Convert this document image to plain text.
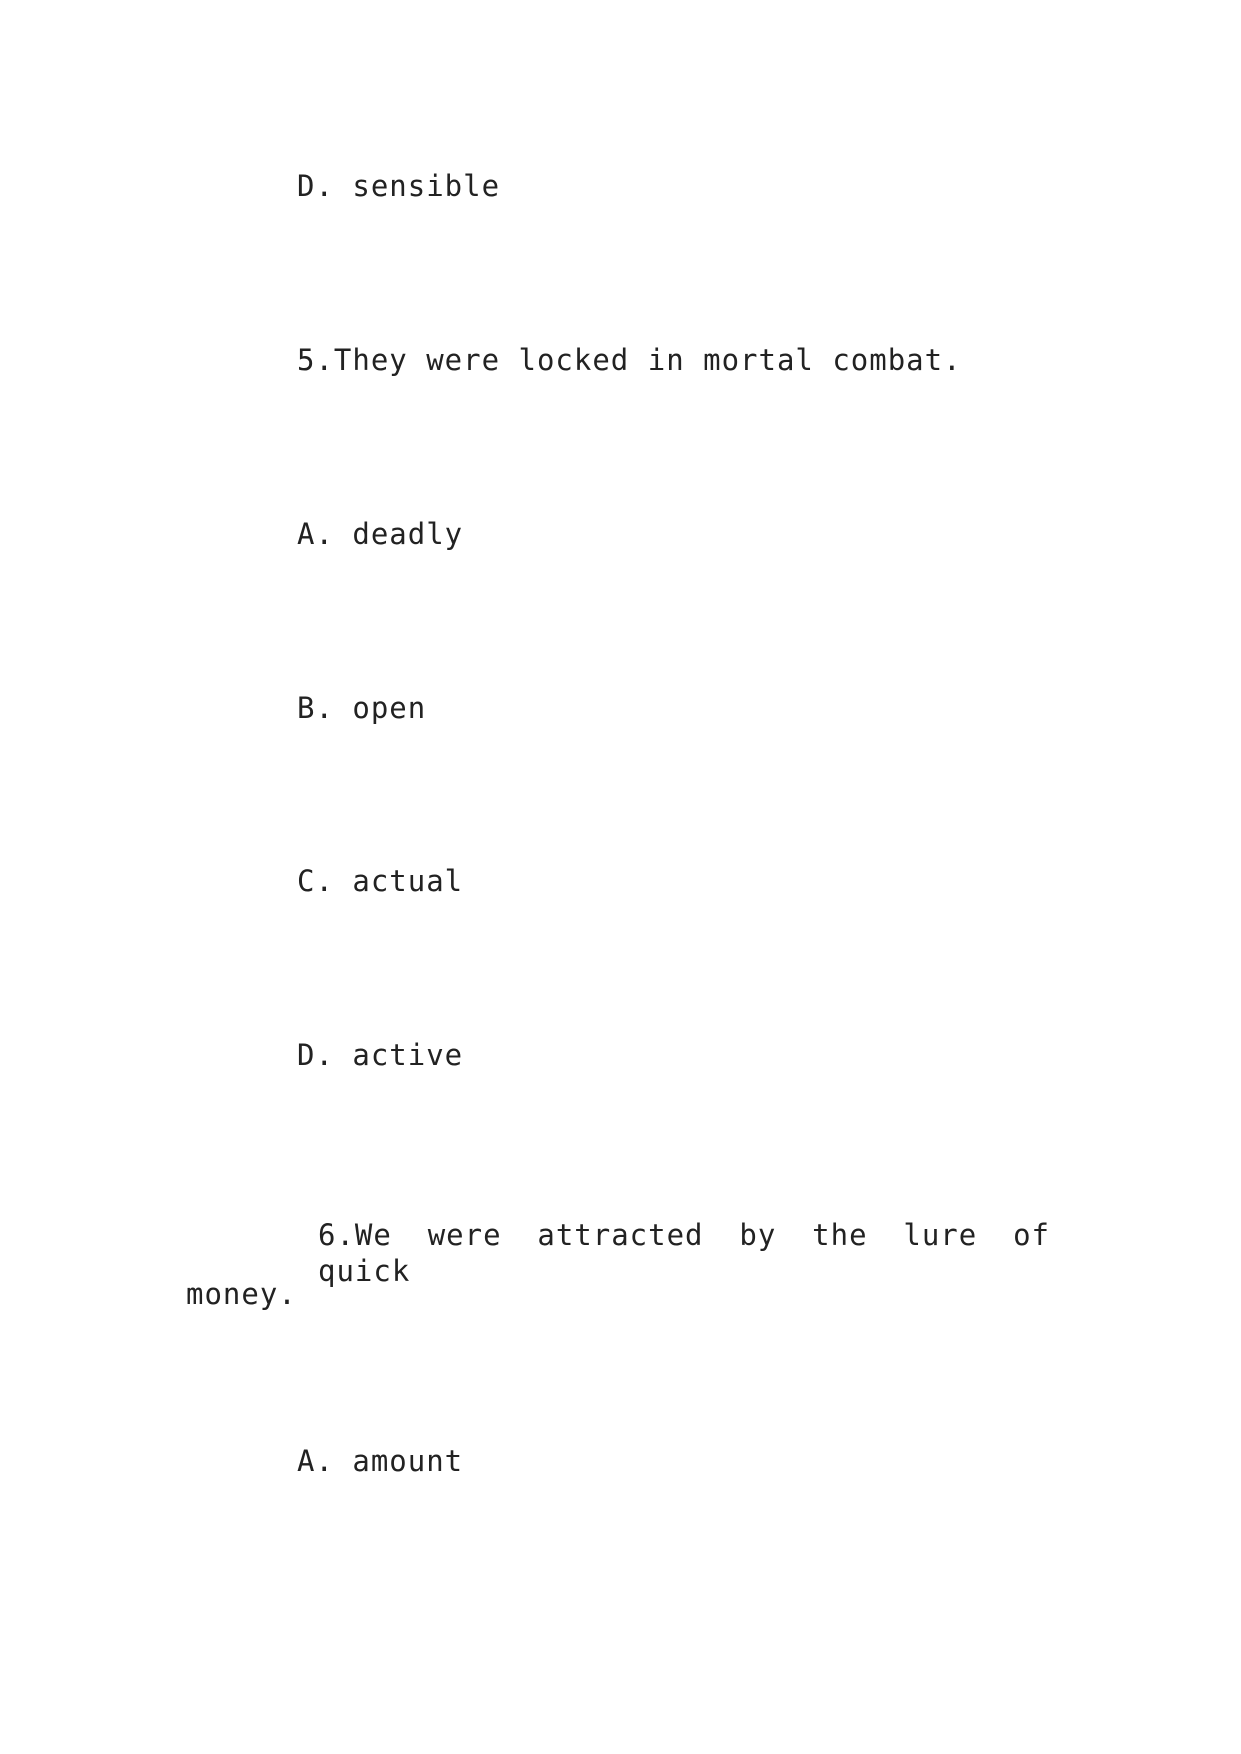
D. sensible
5.They were locked in mortal combat.
A. deadly
B. open
C. actual
D. active
6.We were attracted by the lure of quick
money.
A. amount
